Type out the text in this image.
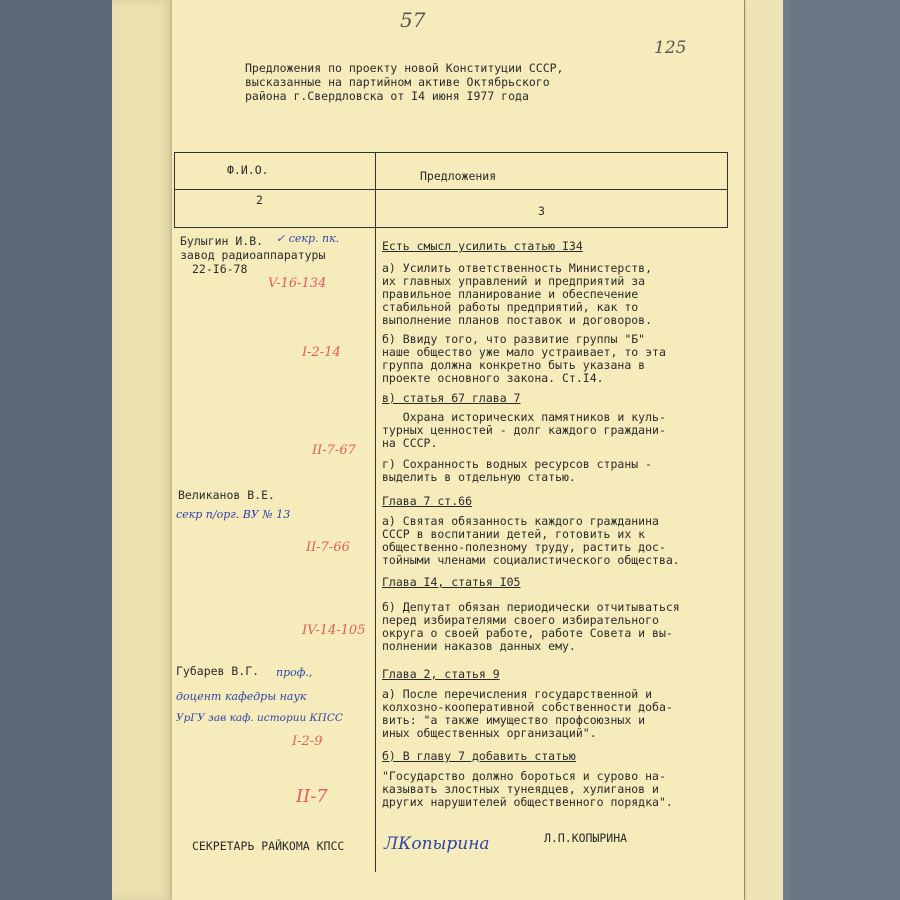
57
125
Предложения по проекту новой Конституции СССР,
высказанные на партийном активе Октябрьского
района г.Свердловска от I4 июня I977 года
Ф.И.О.	Предложения
2
3
Булыгин И.В.
завод радиоаппаратуры
22-I6-78
✓ секр. пк.
Великанов В.Е.
секр п/орг. ВУ № 13
Губарев В.Г. проф.,
доцент кафедры наук
УрГУ зав каф. истории КПСС
V-16-134
I-2-14
II-7-67
II-7-66
IV-14-105
I-2-9
II-7
Есть смысл усилить статью I34
а) Усилить ответственность Министерств,
их главных управлений и предприятий за
правильное планирование и обеспечение
стабильной работы предприятий, как то
выполнение планов поставок и договоров.
б) Ввиду того, что развитие группы "Б"
наше общество уже мало устраивает, то эта
группа должна конкретно быть указана в
проекте основного закона. Ст.I4.
в) статья 67 глава 7
Охрана исторических памятников и куль-
турных ценностей - долг каждого граждани-
на СССР.
г) Сохранность водных ресурсов страны -
выделить в отдельную статью.
Глава 7 ст.66
а) Святая обязанность каждого гражданина
СССР в воспитании детей, готовить их к
общественно-полезному труду, растить дос-
тойными членами социалистического общества.
Глава I4, статья I05
б) Депутат обязан периодически отчитываться
перед избирателями своего избирательного
округа о своей работе, работе Совета и вы-
полнении наказов данных ему.
Глава 2, статья 9
а) После перечисления государственной и
колхозно-кооперативной собственности доба-
вить: "а также имущество профсоюзных и
иных общественных организаций".
б) В главу 7 добавить статью
"Государство должно бороться и сурово на-
казывать злостных тунеядцев, хулиганов и
других нарушителей общественного порядка".
СЕКРЕТАРЬ РАЙКОМА КПСС ЛКопырина	Л.П.КОПЫРИНА
